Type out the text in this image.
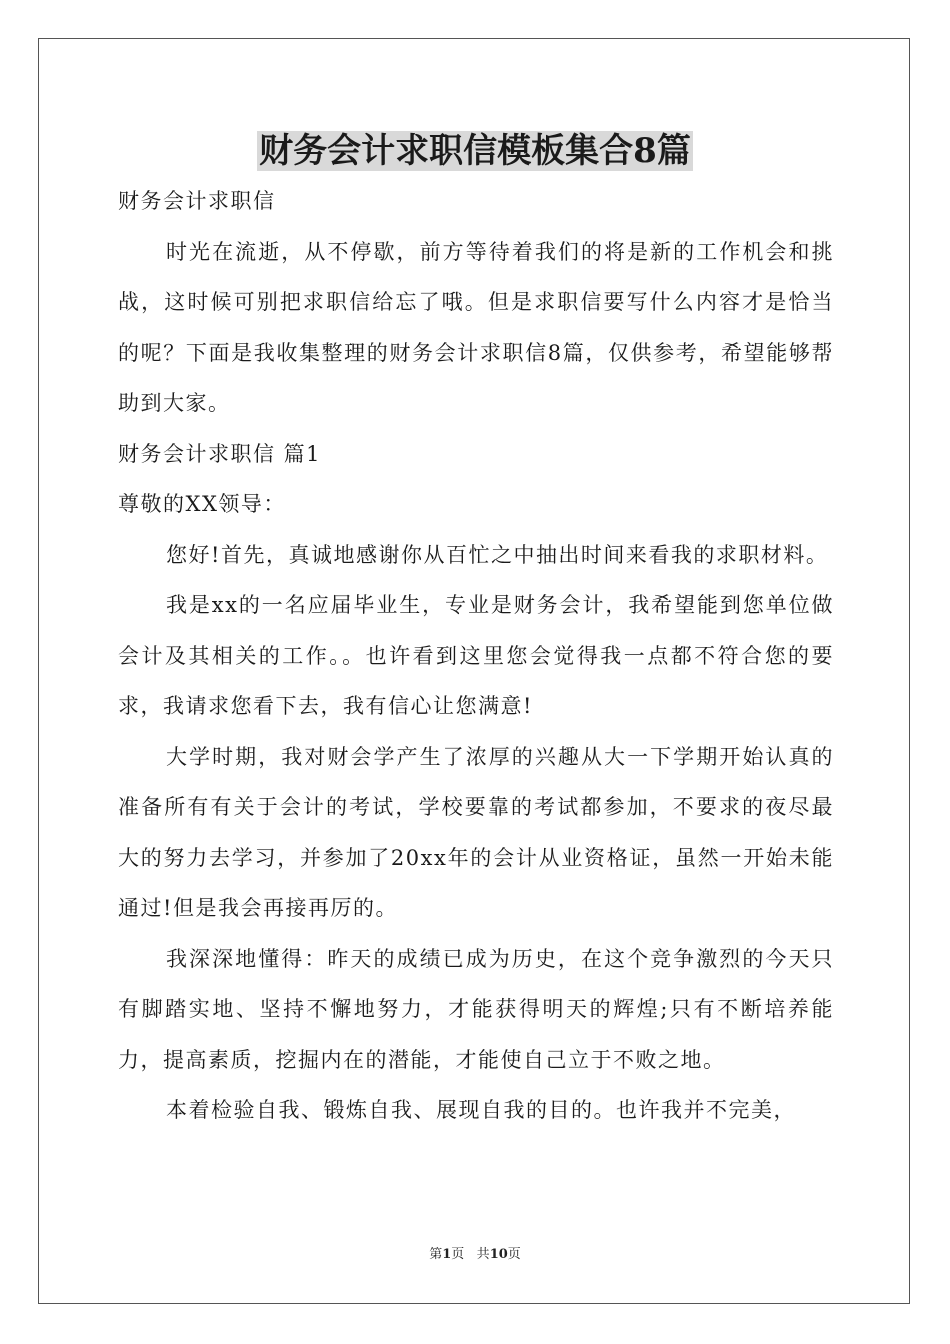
财务会计求职信模板集合8篇
财务会计求职信

时光在流逝，从不停歇，前方等待着我们的将是新的工作机会和挑战，这时候可别把求职信给忘了哦。但是求职信要写什么内容才是恰当的呢？下面是我收集整理的财务会计求职信8篇，仅供参考，希望能够帮助到大家。

财务会计求职信 篇1
尊敬的XX领导：

您好!首先，真诚地感谢你从百忙之中抽出时间来看我的求职材料。

我是xx的一名应届毕业生，专业是财务会计，我希望能到您单位做会计及其相关的工作。。也许看到这里您会觉得我一点都不符合您的要求，我请求您看下去，我有信心让您满意!

大学时期，我对财会学产生了浓厚的兴趣从大一下学期开始认真的准备所有有关于会计的考试，学校要靠的考试都参加，不要求的夜尽最大的努力去学习，并参加了20xx年的会计从业资格证，虽然一开始未能通过!但是我会再接再厉的。

我深深地懂得：昨天的成绩已成为历史，在这个竞争激烈的今天只有脚踏实地、坚持不懈地努力，才能获得明天的辉煌;只有不断培养能力，提高素质，挖掘内在的潜能，才能使自己立于不败之地。

本着检验自我、锻炼自我、展现自我的目的。也许我并不完美，

第1页 共10页
